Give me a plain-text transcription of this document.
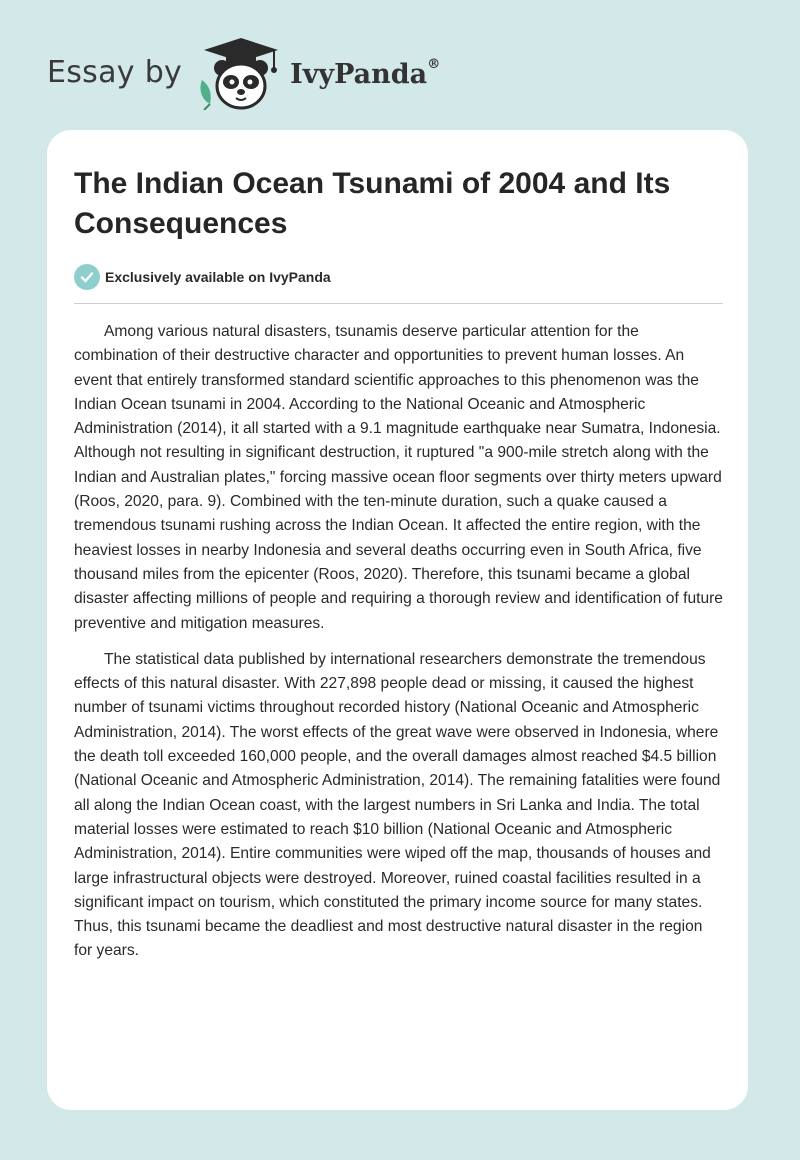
Essay by	IvyPanda®
The Indian Ocean Tsunami of 2004 and Its Consequences
Exclusively available on IvyPanda

Among various natural disasters, tsunamis deserve particular attention for the combination of their destructive character and opportunities to prevent human losses. An event that entirely transformed standard scientific approaches to this phenomenon was the Indian Ocean tsunami in 2004. According to the National Oceanic and Atmospheric Administration (2014), it all started with a 9.1 magnitude earthquake near Sumatra, Indonesia. Although not resulting in significant destruction, it ruptured "a 900-mile stretch along with the Indian and Australian plates," forcing massive ocean floor segments over thirty meters upward (Roos, 2020, para. 9). Combined with the ten-minute duration, such a quake caused a tremendous tsunami rushing across the Indian Ocean. It affected the entire region, with the heaviest losses in nearby Indonesia and several deaths occurring even in South Africa, five thousand miles from the epicenter (Roos, 2020). Therefore, this tsunami became a global disaster affecting millions of people and requiring a thorough review and identification of future preventive and mitigation measures.

The statistical data published by international researchers demonstrate the tremendous effects of this natural disaster. With 227,898 people dead or missing, it caused the highest number of tsunami victims throughout recorded history (National Oceanic and Atmospheric Administration, 2014). The worst effects of the great wave were observed in Indonesia, where the death toll exceeded 160,000 people, and the overall damages almost reached $4.5 billion (National Oceanic and Atmospheric Administration, 2014). The remaining fatalities were found all along the Indian Ocean coast, with the largest numbers in Sri Lanka and India. The total material losses were estimated to reach $10 billion (National Oceanic and Atmospheric Administration, 2014). Entire communities were wiped off the map, thousands of houses and large infrastructural objects were destroyed. Moreover, ruined coastal facilities resulted in a significant impact on tourism, which constituted the primary income source for many states. Thus, this tsunami became the deadliest and most destructive natural disaster in the region for years.
